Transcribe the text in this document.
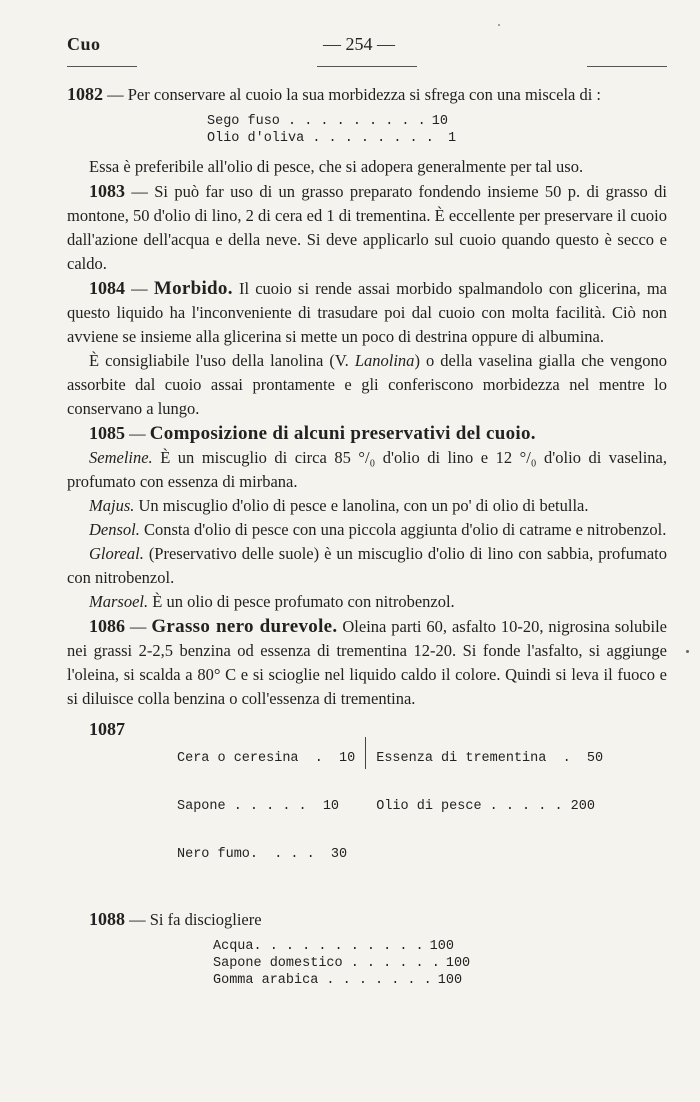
Cuo	— 254 —

1082 — Per conservare al cuoio la sua morbidezza si sfrega con una miscela di :

Sego fuso . . . . . . . . . 10
Olio d'oliva . . . . . . . . 1

Essa è preferibile all'olio di pesce, che si adopera generalmente per tal uso.

1083 — Si può far uso di un grasso preparato fondendo insieme 50 p. di grasso di montone, 50 d'olio di lino, 2 di cera ed 1 di trementina. È eccellente per preservare il cuoio dall'azione dell'acqua e della neve. Si deve applicarlo sul cuoio quando questo è secco e caldo.

1084 — Morbido. Il cuoio si rende assai morbido spalmandolo con glicerina, ma questo liquido ha l'inconveniente di trasudare poi dal cuoio con molta facilità. Ciò non avviene se insieme alla glicerina si mette un poco di destrina oppure di albumina.

È consigliabile l'uso della lanolina (V. Lanolina) o della vaselina gialla che vengono assorbite dal cuoio assai prontamente e gli conferiscono morbidezza nel mentre lo conservano a lungo.

1085 — Composizione di alcuni preservativi del cuoio.

Semeline. È un miscuglio di circa 85 °/₀ d'olio di lino e 12 °/₀ d'olio di vaselina, profumato con essenza di mirbana.

Majus. Un miscuglio d'olio di pesce e lanolina, con un po' di olio di betulla.

Densol. Consta d'olio di pesce con una piccola aggiunta d'olio di catrame e nitrobenzol.

Gloreal. (Preservativo delle suole) è un miscuglio d'olio di lino con sabbia, profumato con nitrobenzol.

Marsoel. È un olio di pesce profumato con nitrobenzol.

1086 — Grasso nero durevole. Oleina parti 60, asfalto 10-20, nigrosina solubile nei grassi 2-2,5 benzina od essenza di trementina 12-20. Si fonde l'asfalto, si aggiunge l'oleina, si scalda a 80° C e si scioglie nel liquido caldo il colore. Quindi si leva il fuoco e si diluisce colla benzina o coll'essenza di trementina.

1087

Cera o ceresina  .  10

Sapone . . . . .  10

Nero fumo.  . . .  30

Essenza di trementina  .  50

Olio di pesce . . . . . 200

1088 — Si fa disciogliere

Acqua. . . . . . . . . . . 100
Sapone domestico . . . . . . 100
Gomma arabica . . . . . . . 100
